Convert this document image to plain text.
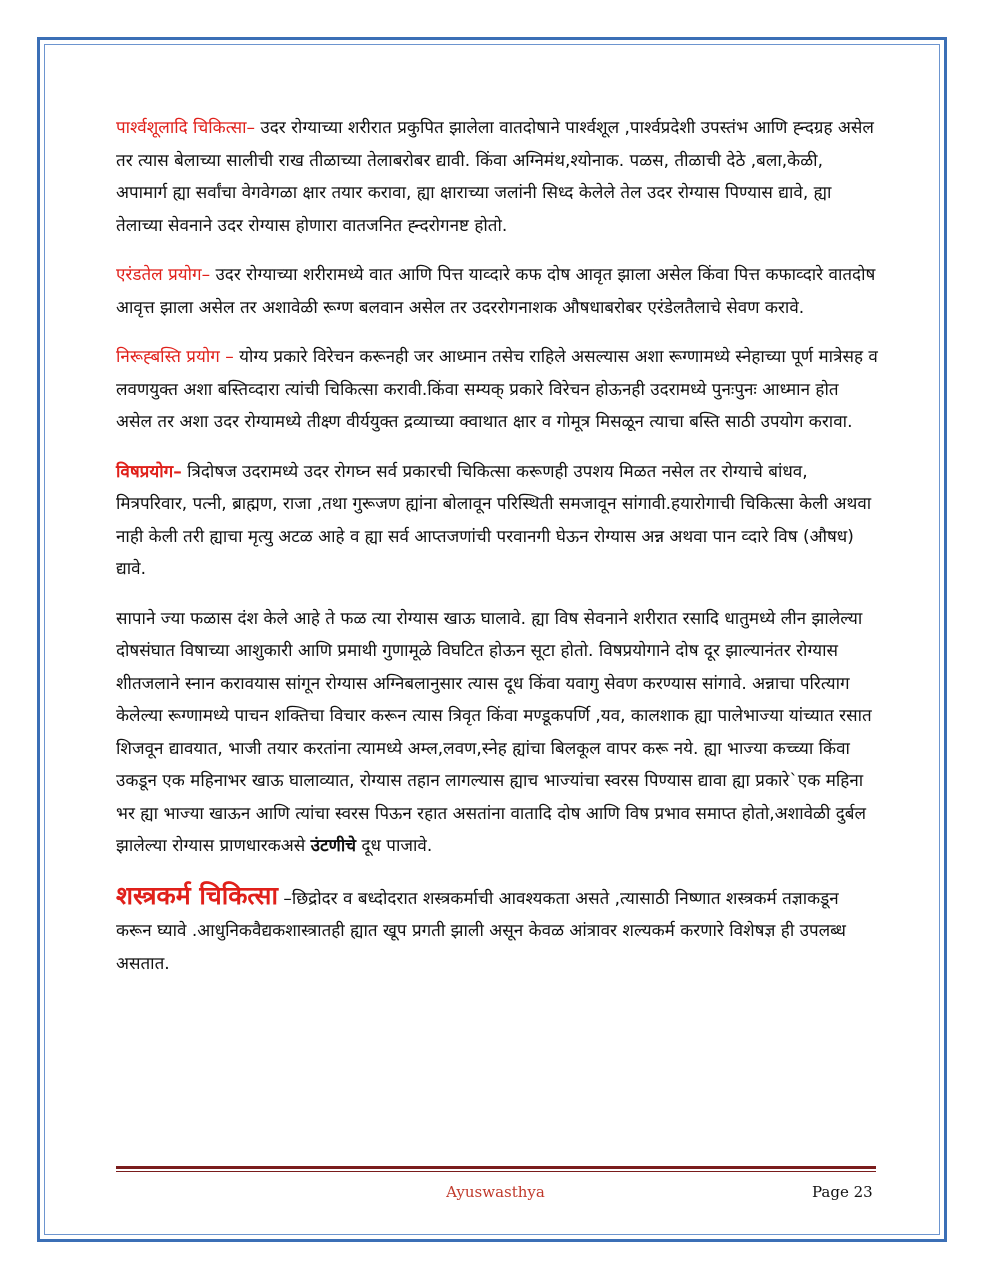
पार्श्वशूलादि चिकित्सा– उदर रोग्याच्या शरीरात प्रकुपित झालेला वातदोषाने पार्श्वशूल ,पार्श्वप्रदेशी उपस्तंभ आणि ह्न्दग्रह असेल तर त्यास बेलाच्या सालीची राख तीळाच्या तेलाबरोबर द्यावी. किंवा अग्निमंथ,श्योनाक. पळस, तीळाची देठे ,बला,केळी, अपामार्ग ह्या सर्वांचा वेगवेगळा क्षार तयार करावा, ह्या क्षाराच्या जलांनी सिध्द केलेले तेल उदर रोग्यास पिण्यास द्यावे, ह्या तेलाच्या सेवनाने उदर रोग्यास होणारा वातजनित ह्न्दरोगनष्ट होतो.

एरंडतेल प्रयोग– उदर रोग्याच्या शरीरामध्ये वात आणि पित्त याव्दारे कफ दोष आवृत झाला असेल किंवा पित्त कफाव्दारे वातदोष आवृत्त झाला असेल तर अशावेळी रूग्ण बलवान असेल तर उदररोगनाशक औषधाबरोबर एरंडेलतैलाचे सेवण करावे.

निरूह्बस्ति प्रयोग – योग्य प्रकारे विरेचन करूनही जर आध्मान तसेच राहिले असल्यास अशा रूग्णामध्ये स्नेहाच्या पूर्ण मात्रेसह व लवणयुक्त अशा बस्तिव्दारा त्यांची चिकित्सा करावी.किंवा सम्यक् प्रकारे विरेचन होऊनही उदरामध्ये पुनःपुनः आध्मान होत असेल तर अशा उदर रोग्यामध्ये तीक्ष्ण वीर्ययुक्त द्रव्याच्या क्वाथात क्षार व गोमूत्र मिसळून त्याचा बस्ति साठी उपयोग करावा.

विषप्रयोग– त्रिदोषज उदरामध्ये उदर रोगघ्न सर्व प्रकारची चिकित्सा करूणही उपशय मिळत नसेल तर रोग्याचे बांधव, मित्रपरिवार, पत्नी, ब्राह्मण, राजा ,तथा गुरूजण ह्यांना बोलावून परिस्थिती समजावून सांगावी.हयारोगाची चिकित्सा केली अथवा नाही केली तरी ह्याचा मृत्यु अटळ आहे व ह्या सर्व आप्तजणांची परवानगी घेऊन रोग्यास अन्न अथवा पान व्दारे विष (औषध) द्यावे.

सापाने ज्या फळास दंश केले आहे ते फळ त्या रोग्यास खाऊ घालावे. ह्या विष सेवनाने शरीरात रसादि धातुमध्ये लीन झालेल्या दोषसंघात विषाच्या आशुकारी आणि प्रमाथी गुणामूळे विघटित होऊन सूटा होतो. विषप्रयोगाने दोष दूर झाल्यानंतर रोग्यास शीतजलाने स्नान करावयास सांगून रोग्यास अग्निबलानुसार त्यास दूध किंवा यवागु सेवण करण्यास सांगावे. अन्नाचा परित्याग केलेल्या रूग्णामध्ये पाचन शक्तिचा विचार करून त्यास त्रिवृत किंवा मण्डूकपर्णि ,यव, कालशाक ह्या पालेभाज्या यांच्यात रसात शिजवून द्यावयात, भाजी तयार करतांना त्यामध्ये अम्ल,लवण,स्नेह ह्यांचा बिलकूल वापर करू नये. ह्या भाज्या कच्च्या किंवा उकडून एक महिनाभर खाऊ घालाव्यात, रोग्यास तहान लागल्यास ह्याच भाज्यांचा स्वरस पिण्यास द्यावा ह्या प्रकारे`एक महिना भर ह्या भाज्या खाऊन आणि त्यांचा स्वरस पिऊन रहात असतांना वातादि दोष आणि विष प्रभाव समाप्त होतो,अशावेळी दुर्बल झालेल्या रोग्यास प्राणधारकअसे उंटणीचे दूध पाजावे.

शस्त्रकर्म चिकित्सा –छिद्रोदर व बध्दोदरात शस्त्रकर्माची आवश्यकता असते ,त्यासाठी निष्णात शस्त्रकर्म तज्ञाकडून करून घ्यावे .आधुनिकवैद्यकशास्त्रातही ह्यात खूप प्रगती झाली असून केवळ आंत्रावर शल्यकर्म करणारे विशेषज्ञ ही उपलब्ध असतात.

Ayuswasthya	Page 23
